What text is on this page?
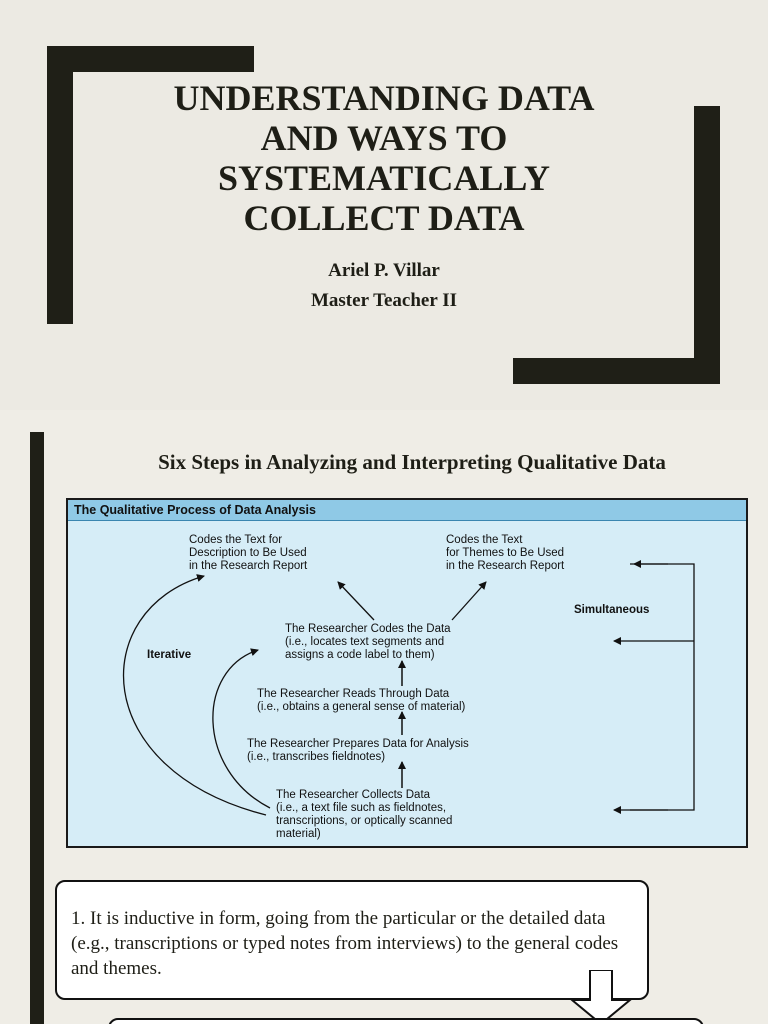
UNDERSTANDING DATA
AND WAYS TO
SYSTEMATICALLY
COLLECT DATA

Ariel P. Villar

Master Teacher II

Six Steps in Analyzing and Interpreting Qualitative Data
The Qualitative Process of Data Analysis
Codes the Text for
Description to Be Used
in the Research Report
Codes the Text
for Themes to Be Used
in the Research Report
Simultaneous
Iterative
The Researcher Codes the Data
(i.e., locates text segments and
assigns a code label to them)
The Researcher Reads Through Data
(i.e., obtains a general sense of material)
The Researcher Prepares Data for Analysis
(i.e., transcribes fieldnotes)
The Researcher Collects Data
(i.e., a text file such as fieldnotes,
transcriptions, or optically scanned
material)
1. It is inductive in form, going from the particular or the detailed data (e.g., transcriptions or typed notes from interviews) to the general codes and themes.
